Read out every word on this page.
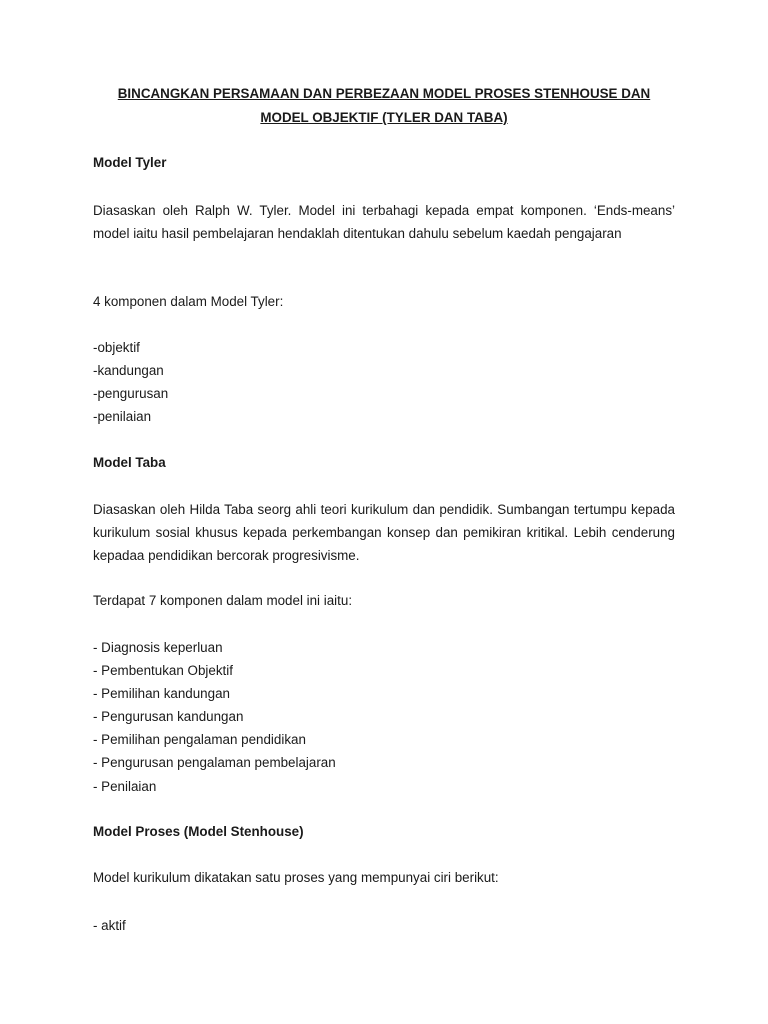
BINCANGKAN PERSAMAAN DAN PERBEZAAN MODEL PROSES STENHOUSE DAN
MODEL OBJEKTIF (TYLER DAN TABA)
Model Tyler
Diasaskan oleh Ralph W. Tyler. Model ini terbahagi kepada empat komponen. ‘Ends-means’ model iaitu hasil pembelajaran hendaklah ditentukan dahulu sebelum kaedah pengajaran
4 komponen dalam Model Tyler:
-objektif
-kandungan
-pengurusan
-penilaian
Model Taba
Diasaskan oleh Hilda Taba seorg ahli teori kurikulum dan pendidik. Sumbangan tertumpu kepada kurikulum sosial khusus kepada perkembangan konsep dan pemikiran kritikal. Lebih cenderung kepadaa pendidikan bercorak progresivisme.
Terdapat 7 komponen dalam model ini iaitu:
- Diagnosis keperluan
- Pembentukan Objektif
- Pemilihan kandungan
- Pengurusan kandungan
- Pemilihan pengalaman pendidikan
- Pengurusan pengalaman pembelajaran
- Penilaian
Model Proses (Model Stenhouse)
Model kurikulum dikatakan satu proses yang mempunyai ciri berikut:
- aktif
